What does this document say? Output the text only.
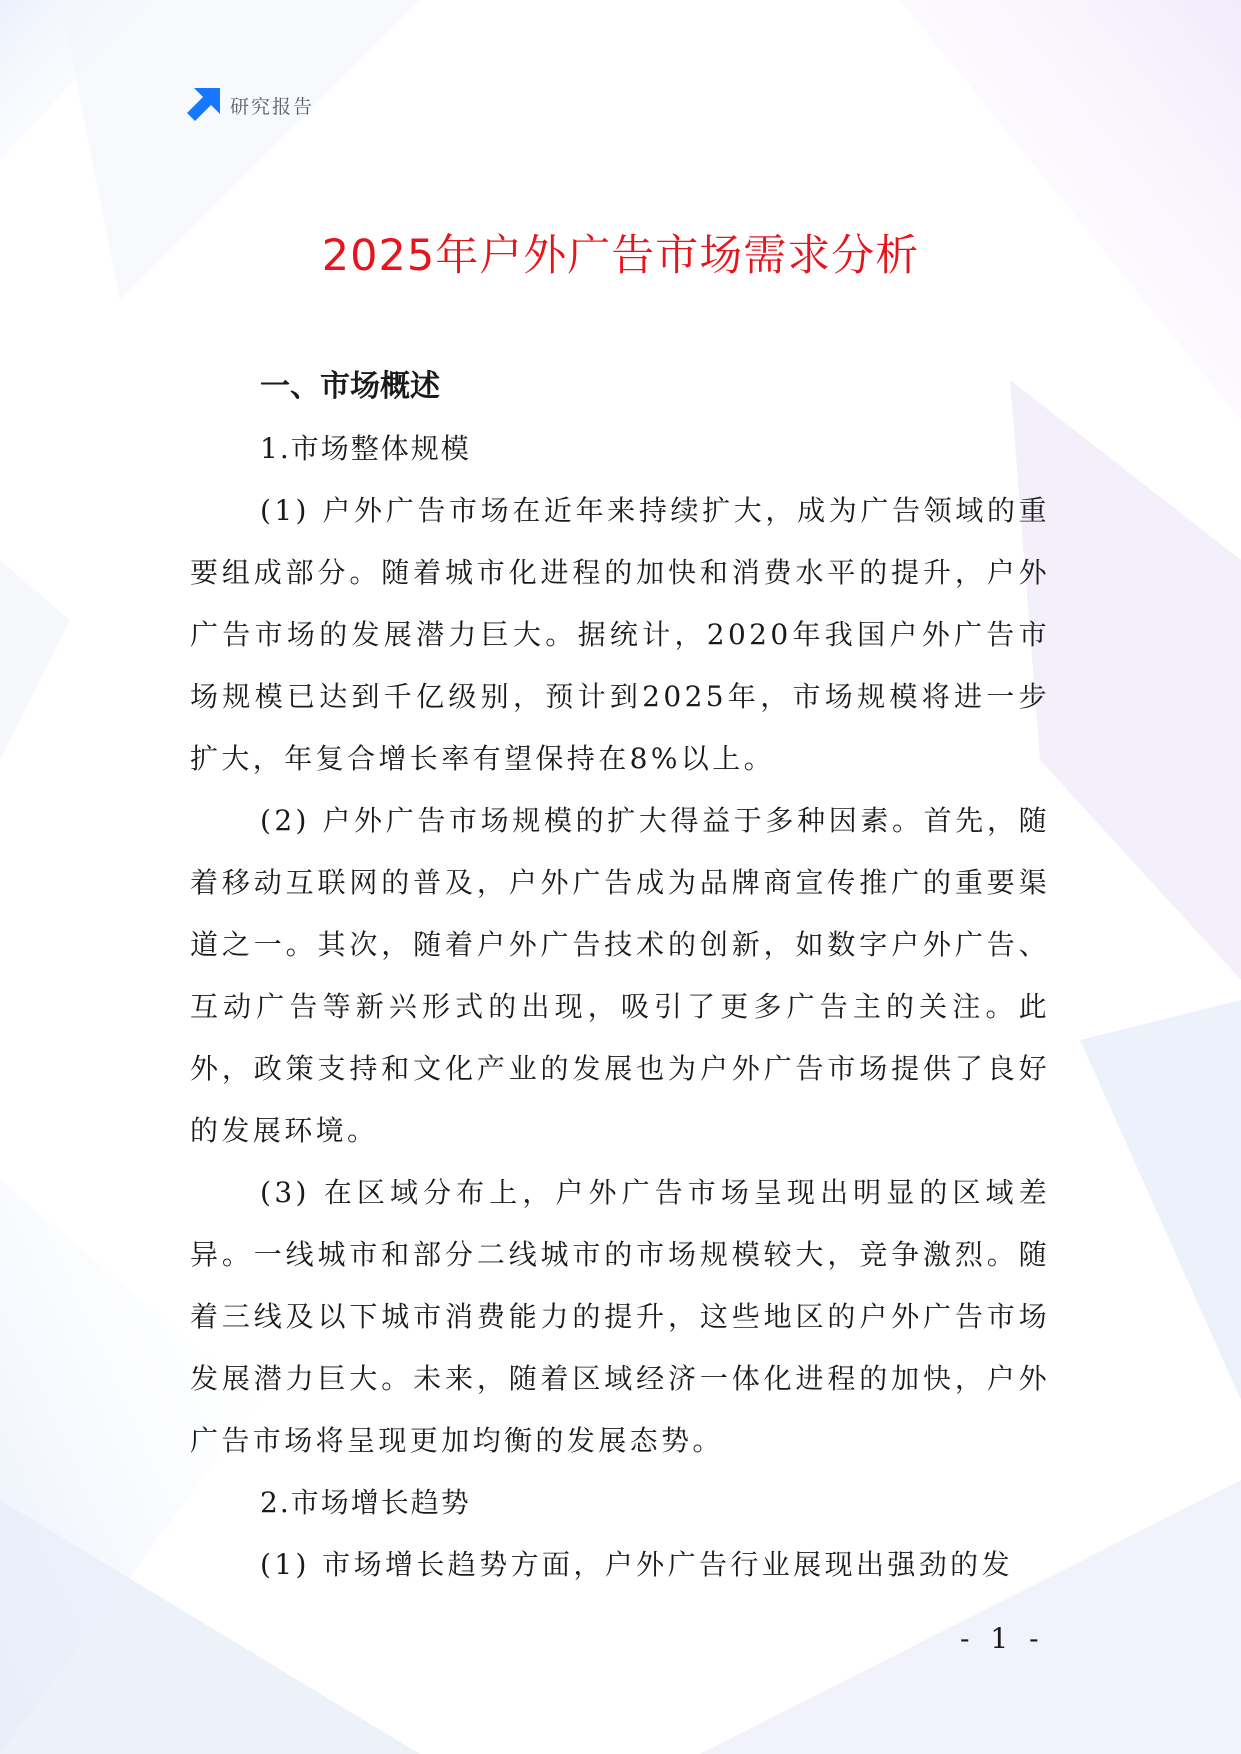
研究报告
2025年户外广告市场需求分析
一、市场概述
1.市场整体规模

(1) 户外广告市场在近年来持续扩大，成为广告领域的重要组成部分。随着城市化进程的加快和消费水平的提升，户外广告市场的发展潜力巨大。据统计，2020年我国户外广告市场规模已达到千亿级别，预计到2025年，市场规模将进一步扩大，年复合增长率有望保持在8%以上。

(2) 户外广告市场规模的扩大得益于多种因素。首先，随着移动互联网的普及，户外广告成为品牌商宣传推广的重要渠道之一。其次，随着户外广告技术的创新，如数字户外广告、互动广告等新兴形式的出现，吸引了更多广告主的关注。此外，政策支持和文化产业的发展也为户外广告市场提供了良好的发展环境。

(3) 在区域分布上，户外广告市场呈现出明显的区域差异。一线城市和部分二线城市的市场规模较大，竞争激烈。随着三线及以下城市消费能力的提升，这些地区的户外广告市场发展潜力巨大。未来，随着区域经济一体化进程的加快，户外广告市场将呈现更加均衡的发展态势。

2.市场增长趋势

(1) 市场增长趋势方面，户外广告行业展现出强劲的发

- 1 -
